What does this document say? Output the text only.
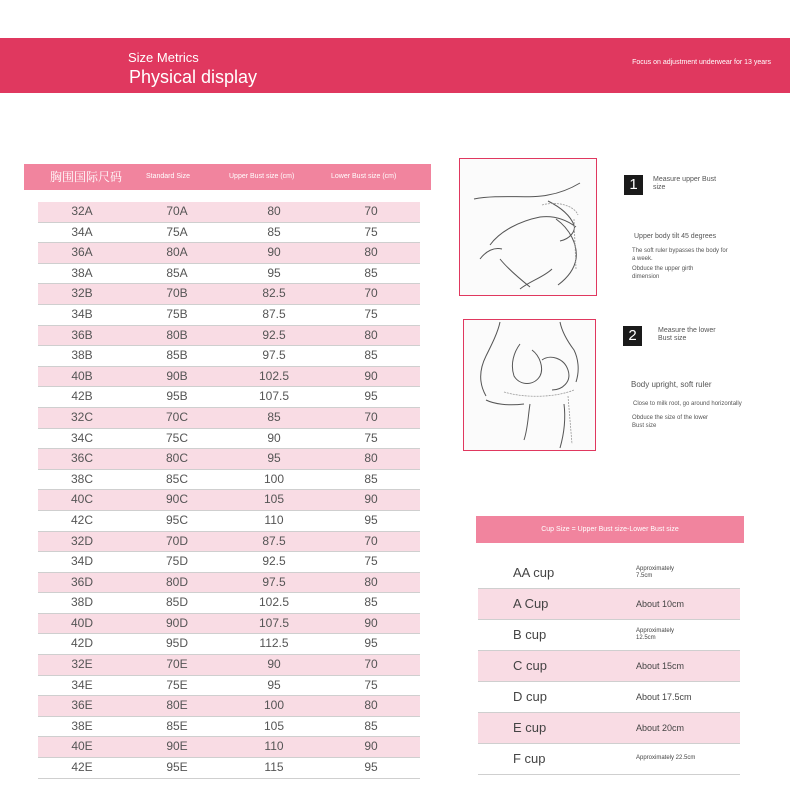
Size Metrics
Physical display
Focus on adjustment underwear for 13 years
胸围国际尺码	Standard Size	Upper Bust size (cm)	Lower Bust size (cm)
32A	70A	80	70
34A	75A	85	75
36A	80A	90	80
38A	85A	95	85
32B	70B	82.5	70
34B	75B	87.5	75
36B	80B	92.5	80
38B	85B	97.5	85
40B	90B	102.5	90
42B	95B	107.5	95
32C	70C	85	70
34C	75C	90	75
36C	80C	95	80
38C	85C	100	85
40C	90C	105	90
42C	95C	110	95
32D	70D	87.5	70
34D	75D	92.5	75
36D	80D	97.5	80
38D	85D	102.5	85
40D	90D	107.5	90
42D	95D	112.5	95
32E	70E	90	70
34E	75E	95	75
36E	80E	100	80
38E	85E	105	85
40E	90E	110	90
42E	95E	115	95
1	Measure upper Bust
size
Upper body tilt 45 degrees
The soft ruler bypasses the body for
a week.
Obduce the upper girth
dimension
2	Measure the lower
Bust size
Body upright, soft ruler
Close to milk root, go around horizontally
Obduce the size of the lower
Bust size
Cup Size = Upper Bust size-Lower Bust size
AA cup	Approximately
7.5cm
A Cup	About 10cm
B cup	Approximately
12.5cm
C cup	About 15cm
D cup	About 17.5cm
E cup	About 20cm
F cup	Approximately 22.5cm
